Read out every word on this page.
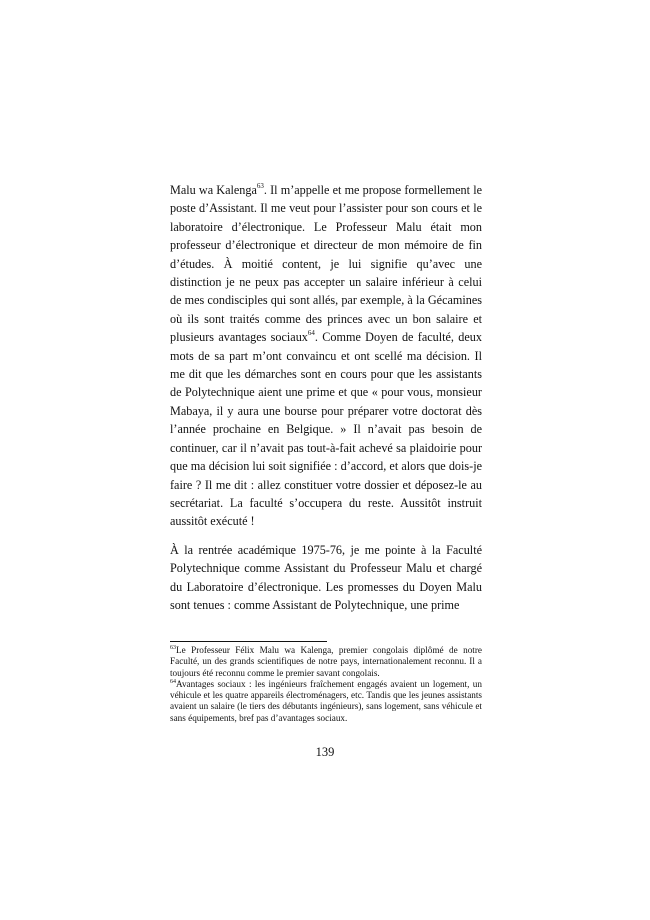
Malu wa Kalenga$^{63}$. Il m’appelle et me propose formellement le poste d’Assistant. Il me veut pour l’assister pour son cours et le laboratoire d’électronique. Le Professeur Malu était mon professeur d’électronique et directeur de mon mémoire de fin d’études. À moitié content, je lui signifie qu’avec une distinction je ne peux pas accepter un salaire inférieur à celui de mes condisciples qui sont allés, par exemple, à la Gécamines où ils sont traités comme des princes avec un bon salaire et plusieurs avantages sociaux$^{64}$. Comme Doyen de faculté, deux mots de sa part m’ont convaincu et ont scellé ma décision. Il me dit que les démarches sont en cours pour que les assistants de Polytechnique aient une prime et que « pour vous, monsieur Mabaya, il y aura une bourse pour préparer votre doctorat dès l’année prochaine en Belgique. » Il n’avait pas besoin de continuer, car il n’avait pas tout-à-fait achevé sa plaidoirie pour que ma décision lui soit signifiée : d’accord, et alors que dois-je faire ? Il me dit : allez constituer votre dossier et déposez-le au secrétariat. La faculté s’occupera du reste. Aussitôt instruit aussitôt exécuté !

À la rentrée académique 1975-76, je me pointe à la Faculté Polytechnique comme Assistant du Professeur Malu et chargé du Laboratoire d’électronique. Les promesses du Doyen Malu sont tenues : comme Assistant de Polytechnique, une prime

$^{63}$Le Professeur Félix Malu wa Kalenga, premier congolais diplômé de notre Faculté, un des grands scientifiques de notre pays, internationalement reconnu. Il a toujours été reconnu comme le premier savant congolais.

$^{64}$Avantages sociaux : les ingénieurs fraîchement engagés avaient un logement, un véhicule et les quatre appareils électroménagers, etc. Tandis que les jeunes assistants avaient un salaire (le tiers des débutants ingénieurs), sans logement, sans véhicule et sans équipements, bref pas d’avantages sociaux.

139
